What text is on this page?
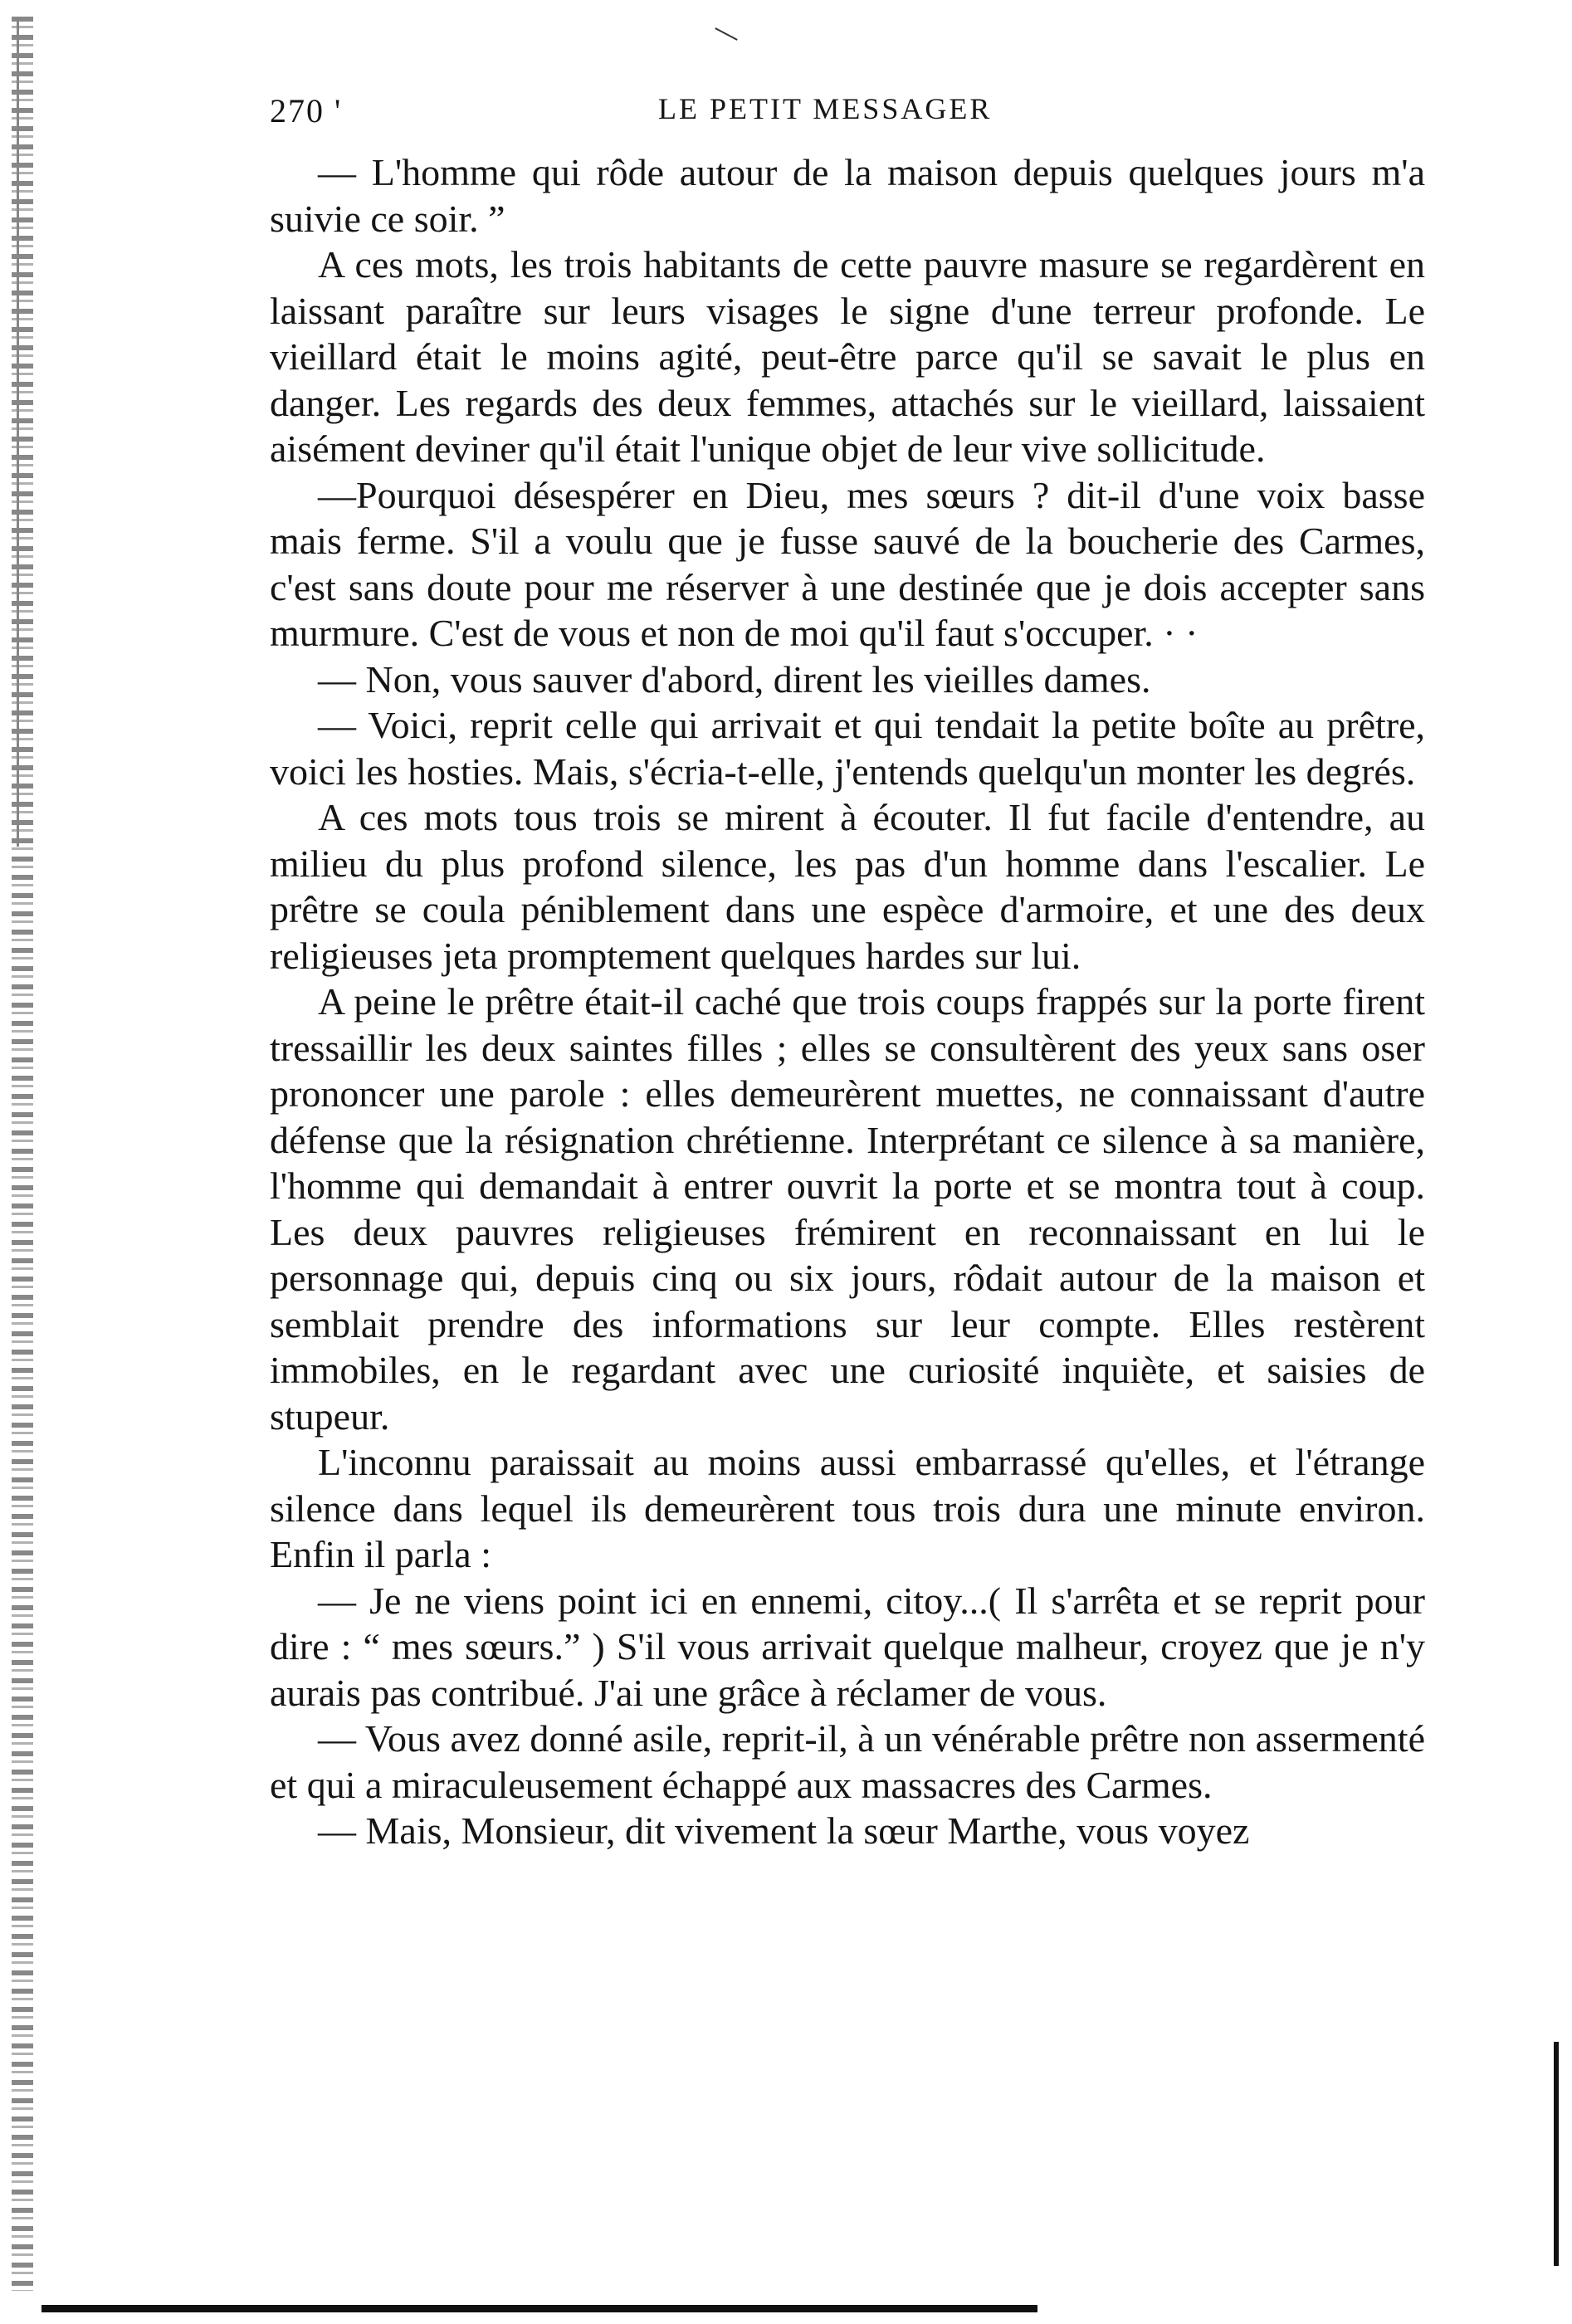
270 '	LE PETIT MESSAGER

— L'homme qui rôde autour de la maison depuis quelques jours m'a suivie ce soir. ”

A ces mots, les trois habitants de cette pauvre masure se regardèrent en laissant paraître sur leurs visages le signe d'une terreur profonde. Le vieillard était le moins agité, peut-être parce qu'il se savait le plus en danger. Les regards des deux femmes, attachés sur le vieillard, laissaient aisément deviner qu'il était l'unique objet de leur vive sollicitude.

—Pourquoi désespérer en Dieu, mes sœurs ? dit-il d'une voix basse mais ferme. S'il a voulu que je fusse sauvé de la boucherie des Carmes, c'est sans doute pour me réserver à une destinée que je dois accepter sans murmure. C'est de vous et non de moi qu'il faut s'occuper. · ·

— Non, vous sauver d'abord, dirent les vieilles dames.

— Voici, reprit celle qui arrivait et qui tendait la petite boîte au prêtre, voici les hosties. Mais, s'écria-t-elle, j'entends quelqu'un monter les degrés.

A ces mots tous trois se mirent à écouter. Il fut facile d'entendre, au milieu du plus profond silence, les pas d'un homme dans l'escalier. Le prêtre se coula péniblement dans une espèce d'armoire, et une des deux religieuses jeta promptement quelques hardes sur lui.

A peine le prêtre était-il caché que trois coups frappés sur la porte firent tressaillir les deux saintes filles ; elles se consultèrent des yeux sans oser prononcer une parole : elles demeurèrent muettes, ne connaissant d'autre défense que la résignation chrétienne. Interprétant ce silence à sa manière, l'homme qui demandait à entrer ouvrit la porte et se montra tout à coup. Les deux pauvres religieuses frémirent en reconnaissant en lui le personnage qui, depuis cinq ou six jours, rôdait autour de la maison et semblait prendre des informations sur leur compte. Elles restèrent immobiles, en le regardant avec une curiosité inquiète, et saisies de stupeur.

L'inconnu paraissait au moins aussi embarrassé qu'elles, et l'étrange silence dans lequel ils demeurèrent tous trois dura une minute environ. Enfin il parla :

— Je ne viens point ici en ennemi, citoy...( Il s'arrêta et se reprit pour dire : “ mes sœurs.” ) S'il vous arrivait quelque malheur, croyez que je n'y aurais pas contribué. J'ai une grâce à réclamer de vous.

— Vous avez donné asile, reprit-il, à un vénérable prêtre non assermenté et qui a miraculeusement échappé aux massacres des Carmes.

— Mais, Monsieur, dit vivement la sœur Marthe, vous voyez
